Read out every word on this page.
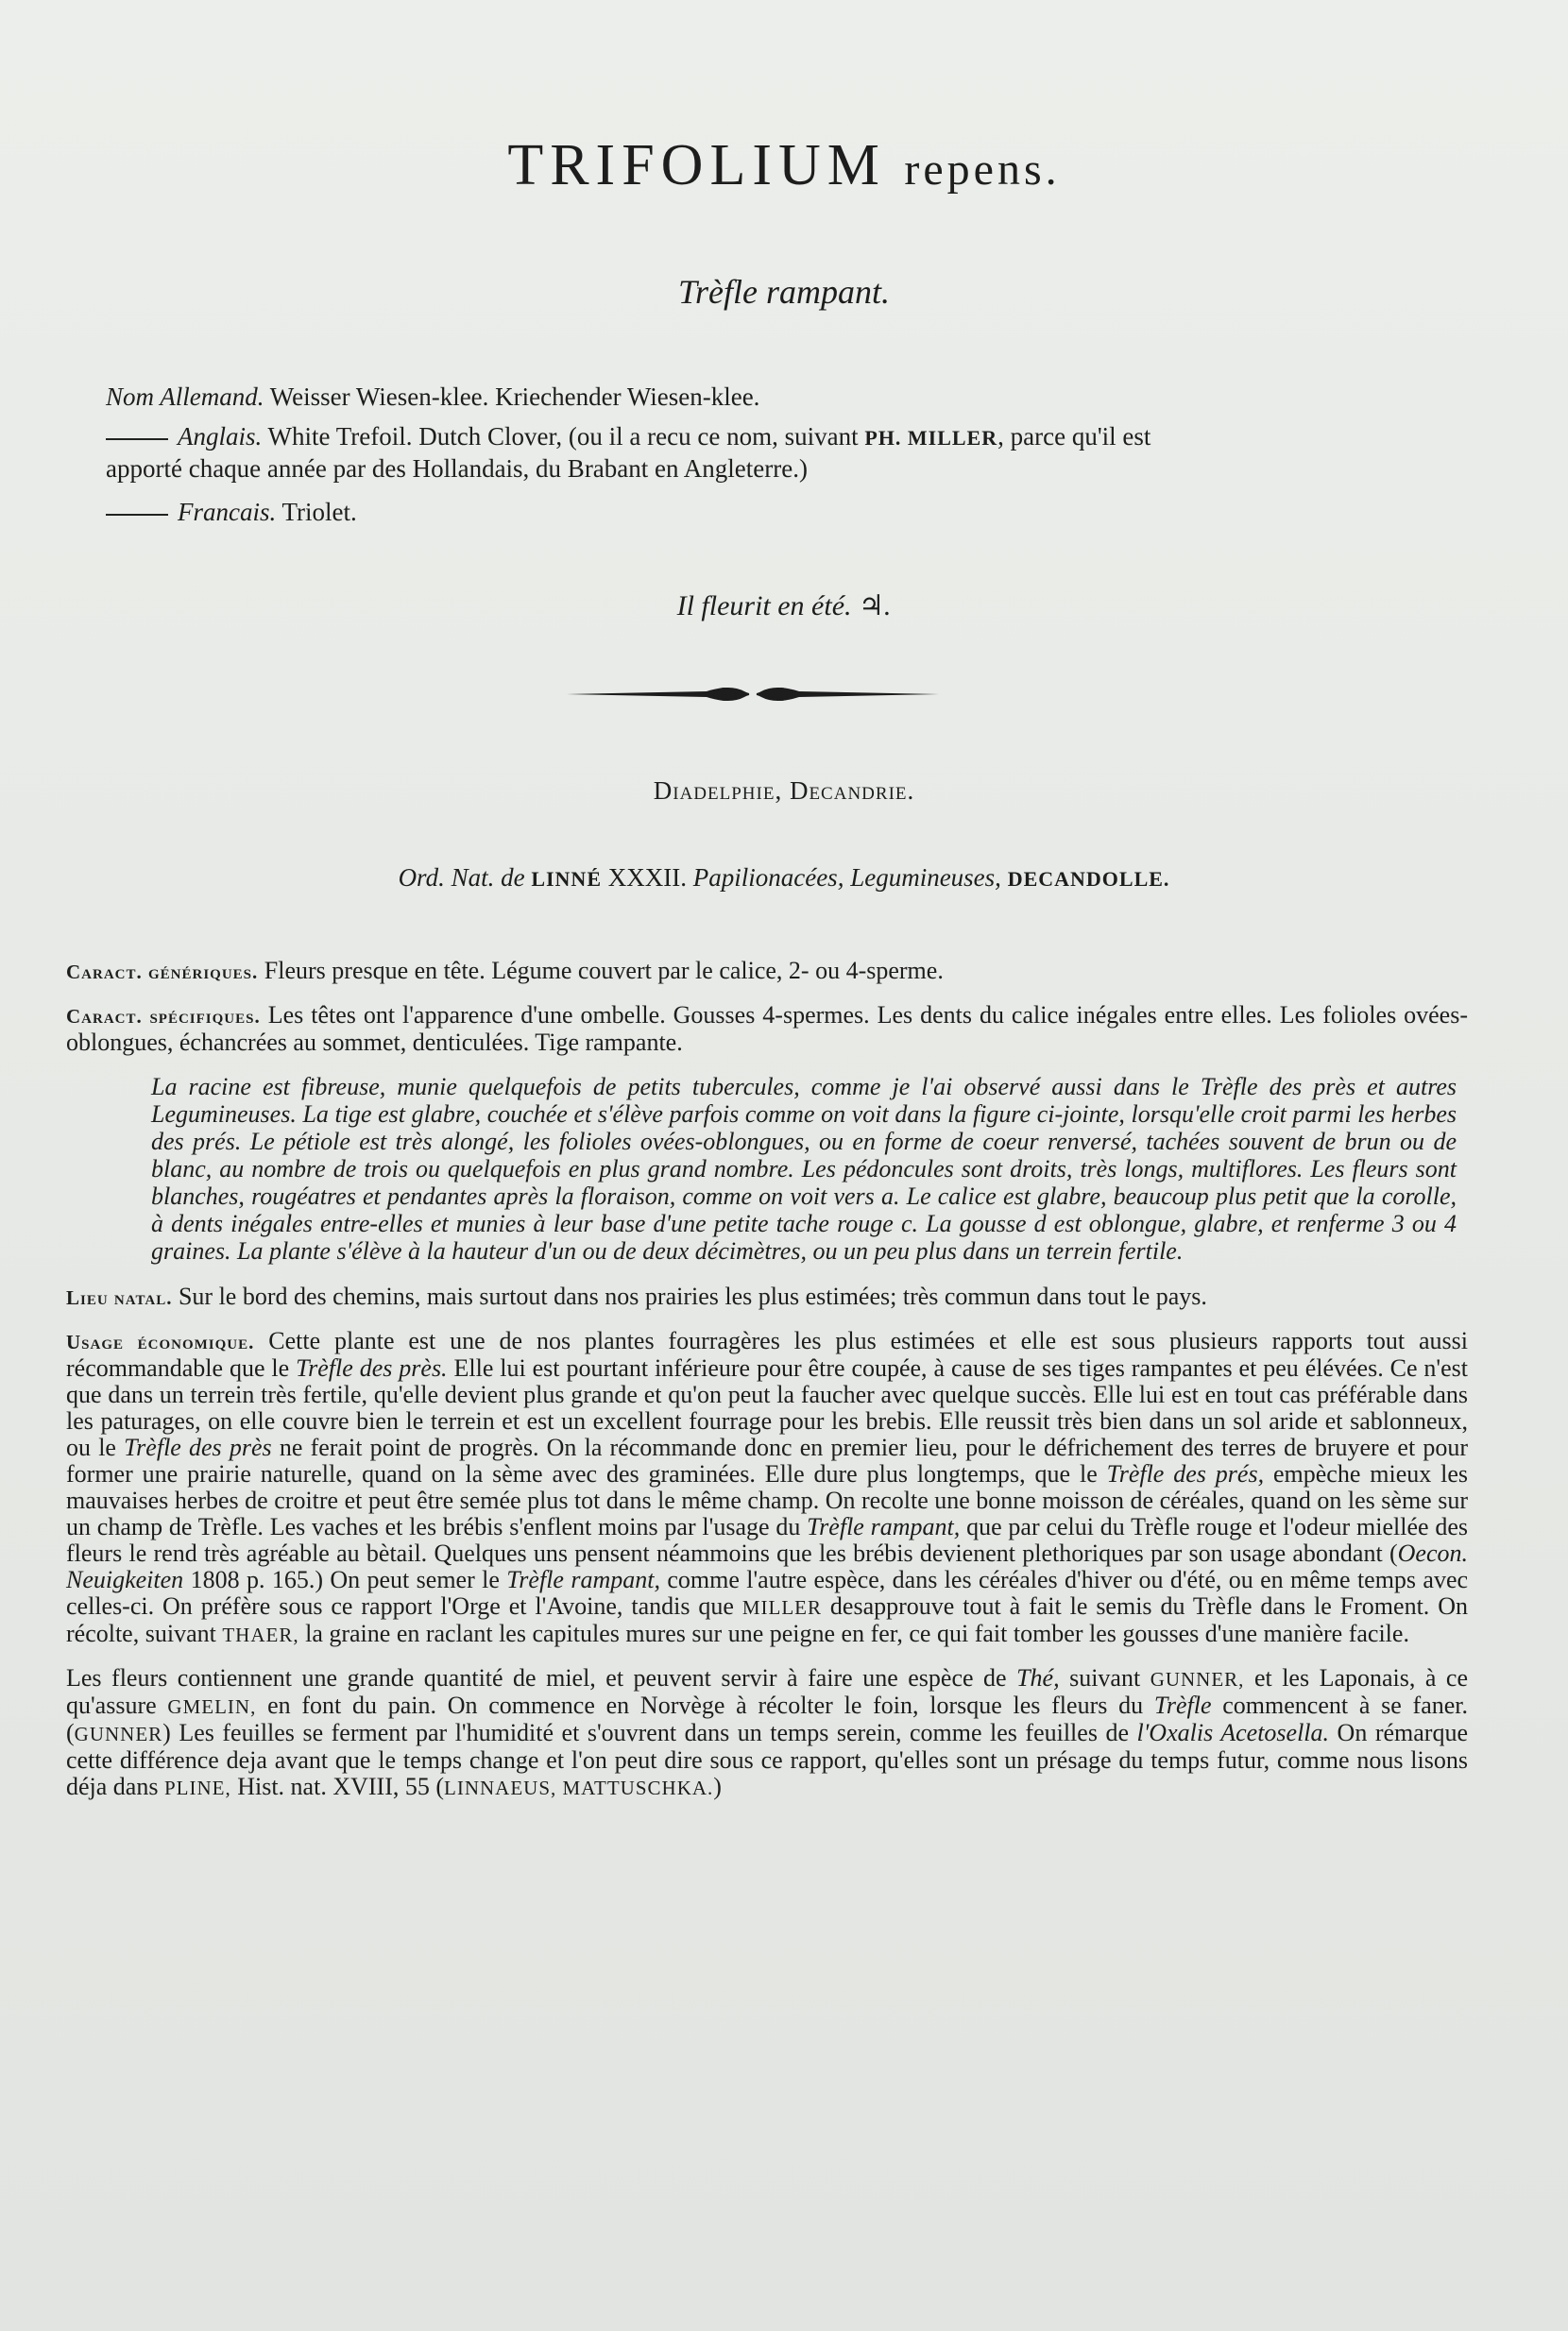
TRIFOLIUM repens.
Trèfle rampant.
Nom Allemand. Weisser Wiesen-klee. Kriechender Wiesen-klee.
Anglais. White Trefoil. Dutch Clover, (ou il a recu ce nom, suivant PH. MILLER, parce qu'il est
apporté chaque année par des Hollandais, du Brabant en Angleterre.)
Francais. Triolet.
Il fleurit en été. ♃.
Diadelphie, Decandrie.
Ord. Nat. de LINNÉ XXXII. Papilionacées, Legumineuses, DECANDOLLE.

Caract. génériques. Fleurs presque en tête. Légume couvert par le calice, 2- ou 4-sperme.

Caract. spécifiques. Les têtes ont l'apparence d'une ombelle. Gousses 4-spermes. Les dents du calice inégales entre elles. Les folioles ovées-oblongues, échancrées au sommet, denticulées. Tige rampante.

La racine est fibreuse, munie quelquefois de petits tubercules, comme je l'ai observé aussi dans le Trèfle des près et autres Legumineuses. La tige est glabre, couchée et s'élève parfois comme on voit dans la figure ci-jointe, lorsqu'elle croit parmi les herbes des prés. Le pétiole est très alongé, les folioles ovées-oblongues, ou en forme de coeur renversé, tachées souvent de brun ou de blanc, au nombre de trois ou quelquefois en plus grand nombre. Les pédoncules sont droits, très longs, multiflores. Les fleurs sont blanches, rougéatres et pendantes après la floraison, comme on voit vers a. Le calice est glabre, beaucoup plus petit que la corolle, à dents inégales entre-elles et munies à leur base d'une petite tache rouge c. La gousse d est oblongue, glabre, et renferme 3 ou 4 graines. La plante s'élève à la hauteur d'un ou de deux décimètres, ou un peu plus dans un terrein fertile.

Lieu natal. Sur le bord des chemins, mais surtout dans nos prairies les plus estimées; très commun dans tout le pays.

Usage économique. Cette plante est une de nos plantes fourragères les plus estimées et elle est sous plusieurs rapports tout aussi récommandable que le Trèfle des près. Elle lui est pourtant inférieure pour être coupée, à cause de ses tiges rampantes et peu élévées. Ce n'est que dans un terrein très fertile, qu'elle devient plus grande et qu'on peut la faucher avec quelque succès. Elle lui est en tout cas préférable dans les paturages, on elle couvre bien le terrein et est un excellent fourrage pour les brebis. Elle reussit très bien dans un sol aride et sablonneux, ou le Trèfle des près ne ferait point de progrès. On la récommande donc en premier lieu, pour le défrichement des terres de bruyere et pour former une prairie naturelle, quand on la sème avec des graminées. Elle dure plus longtemps, que le Trèfle des prés, empèche mieux les mauvaises herbes de croitre et peut être semée plus tot dans le même champ. On recolte une bonne moisson de céréales, quand on les sème sur un champ de Trèfle. Les vaches et les brébis s'enflent moins par l'usage du Trèfle rampant, que par celui du Trèfle rouge et l'odeur miellée des fleurs le rend très agréable au bètail. Quelques uns pensent néammoins que les brébis devienent plethoriques par son usage abondant (Oecon. Neuigkeiten 1808 p. 165.) On peut semer le Trèfle rampant, comme l'autre espèce, dans les céréales d'hiver ou d'été, ou en même temps avec celles-ci. On préfère sous ce rapport l'Orge et l'Avoine, tandis que MILLER desapprouve tout à fait le semis du Trèfle dans le Froment. On récolte, suivant THAER, la graine en raclant les capitules mures sur une peigne en fer, ce qui fait tomber les gousses d'une manière facile.

Les fleurs contiennent une grande quantité de miel, et peuvent servir à faire une espèce de Thé, suivant GUNNER, et les Laponais, à ce qu'assure GMELIN, en font du pain. On commence en Norvège à récolter le foin, lorsque les fleurs du Trèfle commencent à se faner. (GUNNER) Les feuilles se ferment par l'humidité et s'ouvrent dans un temps serein, comme les feuilles de l'Oxalis Acetosella. On rémarque cette différence deja avant que le temps change et l'on peut dire sous ce rapport, qu'elles sont un présage du temps futur, comme nous lisons déja dans PLINE, Hist. nat. XVIII, 55 (LINNAEUS, MATTUSCHKA.)
